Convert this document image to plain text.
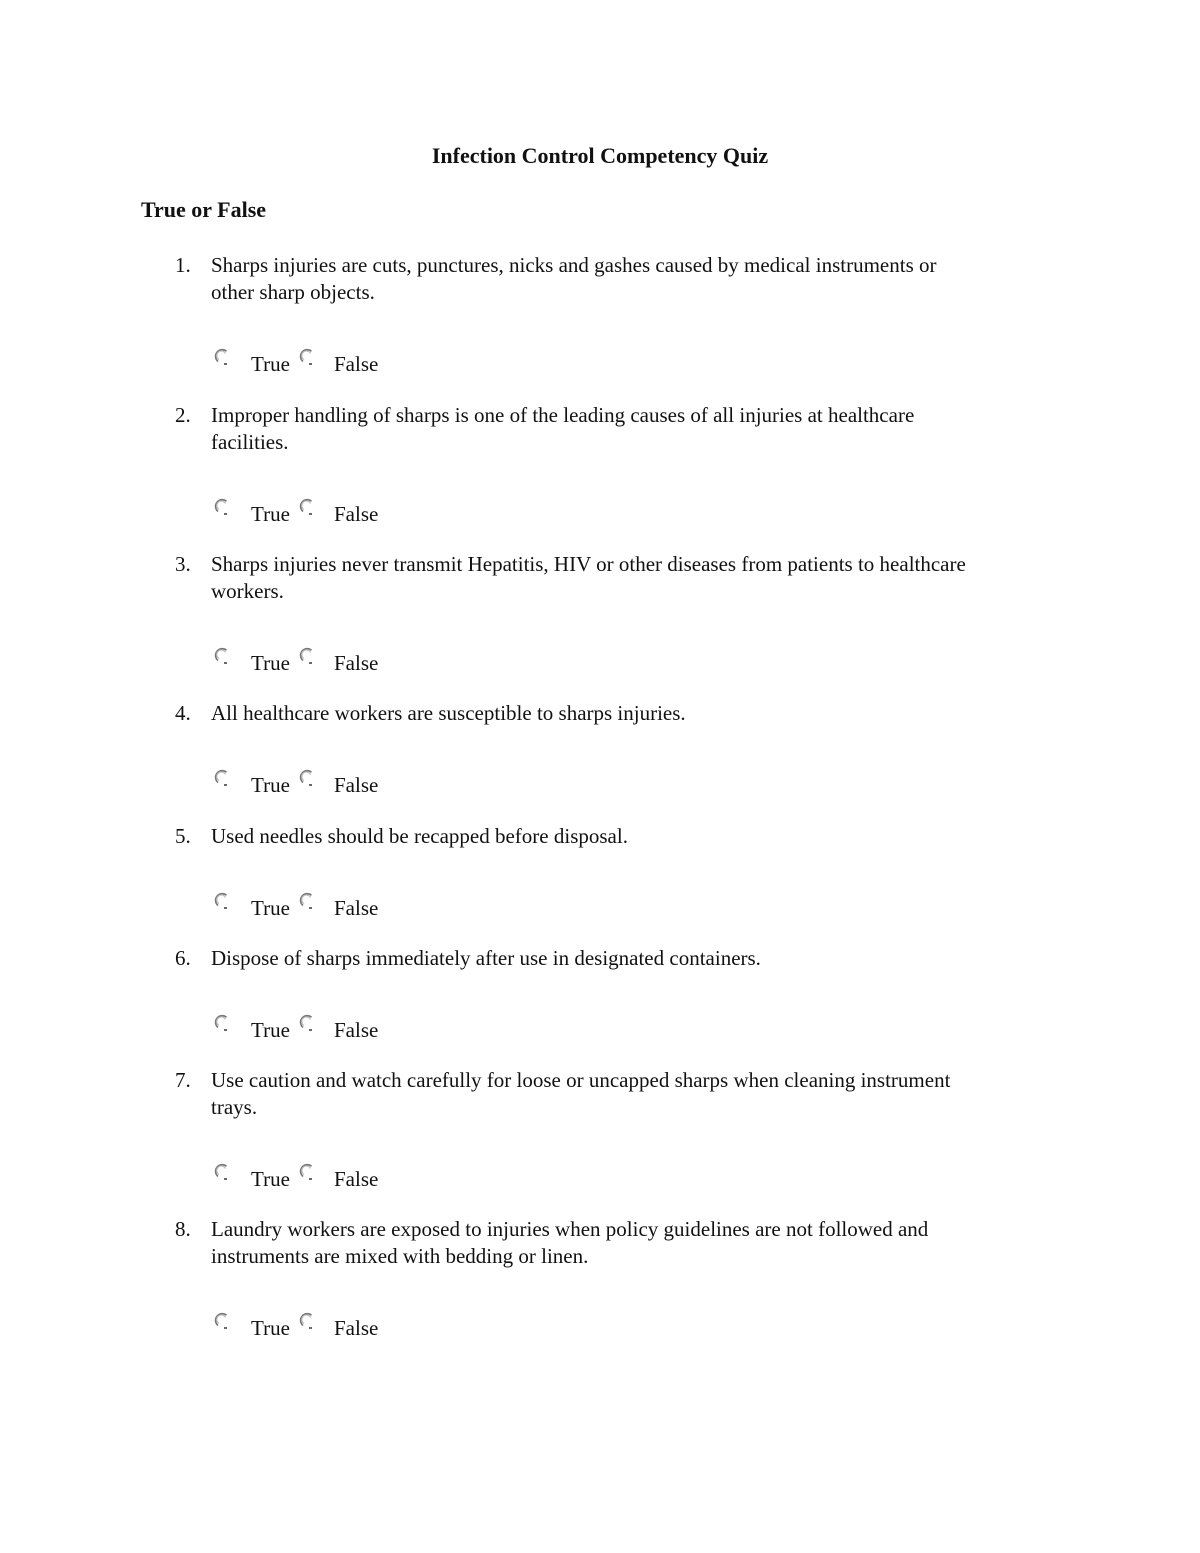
Infection Control Competency Quiz
True or False
1. Sharps injuries are cuts, punctures, nicks and gashes caused by medical instruments or
other sharp objects.
True False
2. Improper handling of sharps is one of the leading causes of all injuries at healthcare
facilities.
True False
3. Sharps injuries never transmit Hepatitis, HIV or other diseases from patients to healthcare
workers.
True False
4. All healthcare workers are susceptible to sharps injuries.
True False
5. Used needles should be recapped before disposal.
True False
6. Dispose of sharps immediately after use in designated containers.
True False
7. Use caution and watch carefully for loose or uncapped sharps when cleaning instrument
trays.
True False
8. Laundry workers are exposed to injuries when policy guidelines are not followed and
instruments are mixed with bedding or linen.
True False
